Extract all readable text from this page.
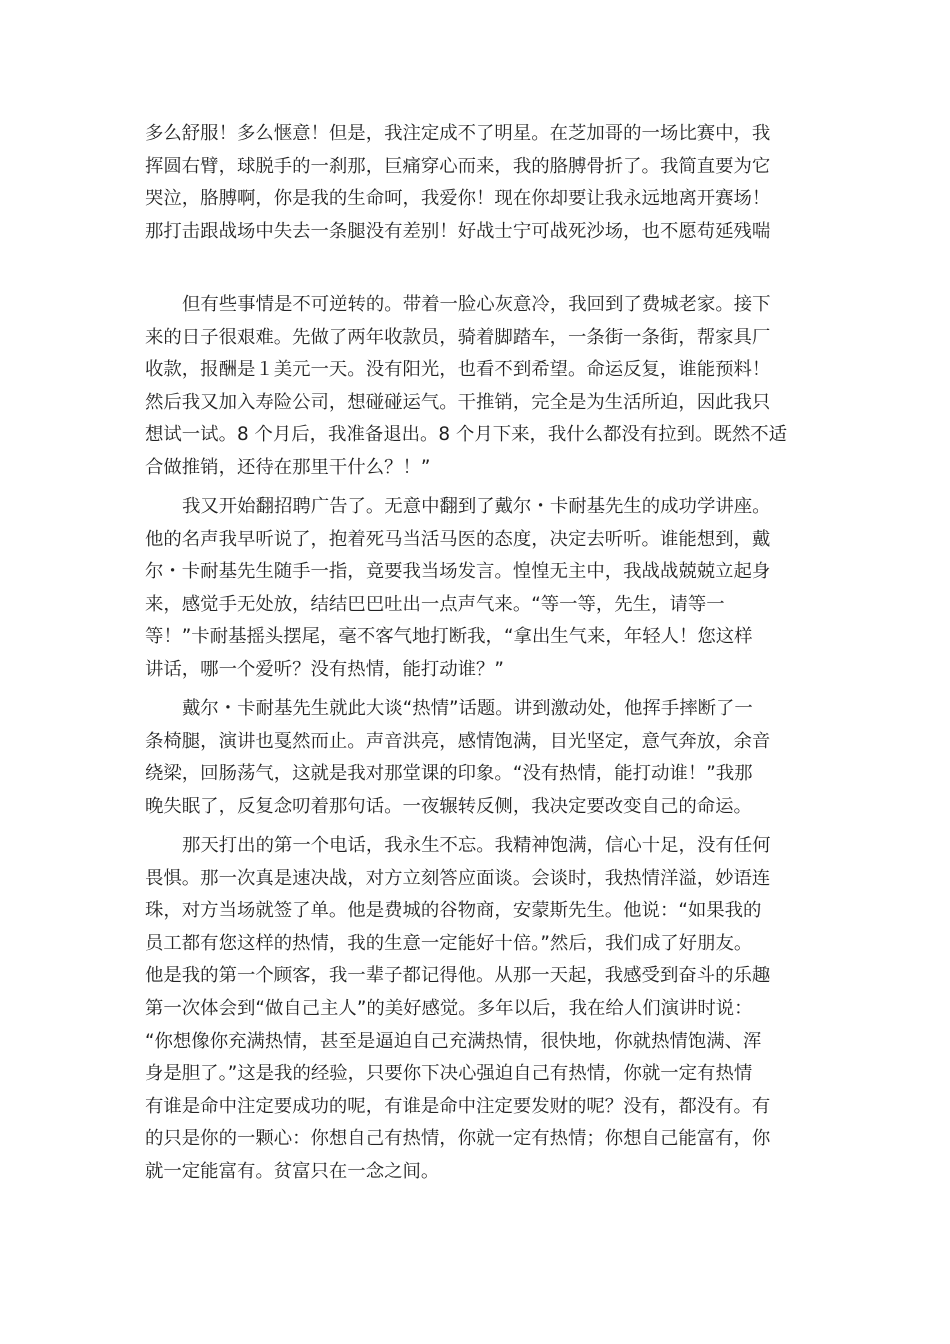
多么舒服！多么惬意！但是，我注定成不了明星。在芝加哥的一场比赛中，我
挥圆右臂，球脱手的一刹那，巨痛穿心而来，我的胳膊骨折了。我简直要为它
哭泣，胳膊啊，你是我的生命呵，我爱你！现在你却要让我永远地离开赛场！
那打击跟战场中失去一条腿没有差别！好战士宁可战死沙场，也不愿苟延残喘
但有些事情是不可逆转的。带着一脸心灰意冷，我回到了费城老家。接下
来的日子很艰难。先做了两年收款员，骑着脚踏车，一条街一条街，帮家具厂
收款，报酬是１美元一天。没有阳光，也看不到希望。命运反复，谁能预料！
然后我又加入寿险公司，想碰碰运气。干推销，完全是为生活所迫，因此我只
想试一试。8 个月后，我准备退出。8 个月下来，我什么都没有拉到。既然不适
合做推销，还待在那里干什么？！”
我又开始翻招聘广告了。无意中翻到了戴尔・卡耐基先生的成功学讲座。
他的名声我早听说了，抱着死马当活马医的态度，决定去听听。谁能想到，戴
尔・卡耐基先生随手一指，竟要我当场发言。惶惶无主中，我战战兢兢立起身
来，感觉手无处放，结结巴巴吐出一点声气来。“等一等，先生，请等一
等！”卡耐基摇头摆尾，毫不客气地打断我，“拿出生气来，年轻人！您这样
讲话，哪一个爱听？没有热情，能打动谁？”
戴尔・卡耐基先生就此大谈“热情”话题。讲到激动处，他挥手摔断了一
条椅腿，演讲也戛然而止。声音洪亮，感情饱满，目光坚定，意气奔放，余音
绕梁，回肠荡气，这就是我对那堂课的印象。“没有热情，能打动谁！”我那
晚失眠了，反复念叨着那句话。一夜辗转反侧，我决定要改变自己的命运。
那天打出的第一个电话，我永生不忘。我精神饱满，信心十足，没有任何
畏惧。那一次真是速决战，对方立刻答应面谈。会谈时，我热情洋溢，妙语连
珠，对方当场就签了单。他是费城的谷物商，安蒙斯先生。他说：“如果我的
员工都有您这样的热情，我的生意一定能好十倍。”然后，我们成了好朋友。
他是我的第一个顾客，我一辈子都记得他。从那一天起，我感受到奋斗的乐趣
第一次体会到“做自己主人”的美好感觉。多年以后，我在给人们演讲时说：
“你想像你充满热情，甚至是逼迫自己充满热情，很快地，你就热情饱满、浑
身是胆了。”这是我的经验，只要你下决心强迫自己有热情，你就一定有热情
有谁是命中注定要成功的呢，有谁是命中注定要发财的呢？没有，都没有。有
的只是你的一颗心：你想自己有热情，你就一定有热情；你想自己能富有，你
就一定能富有。贫富只在一念之间。
